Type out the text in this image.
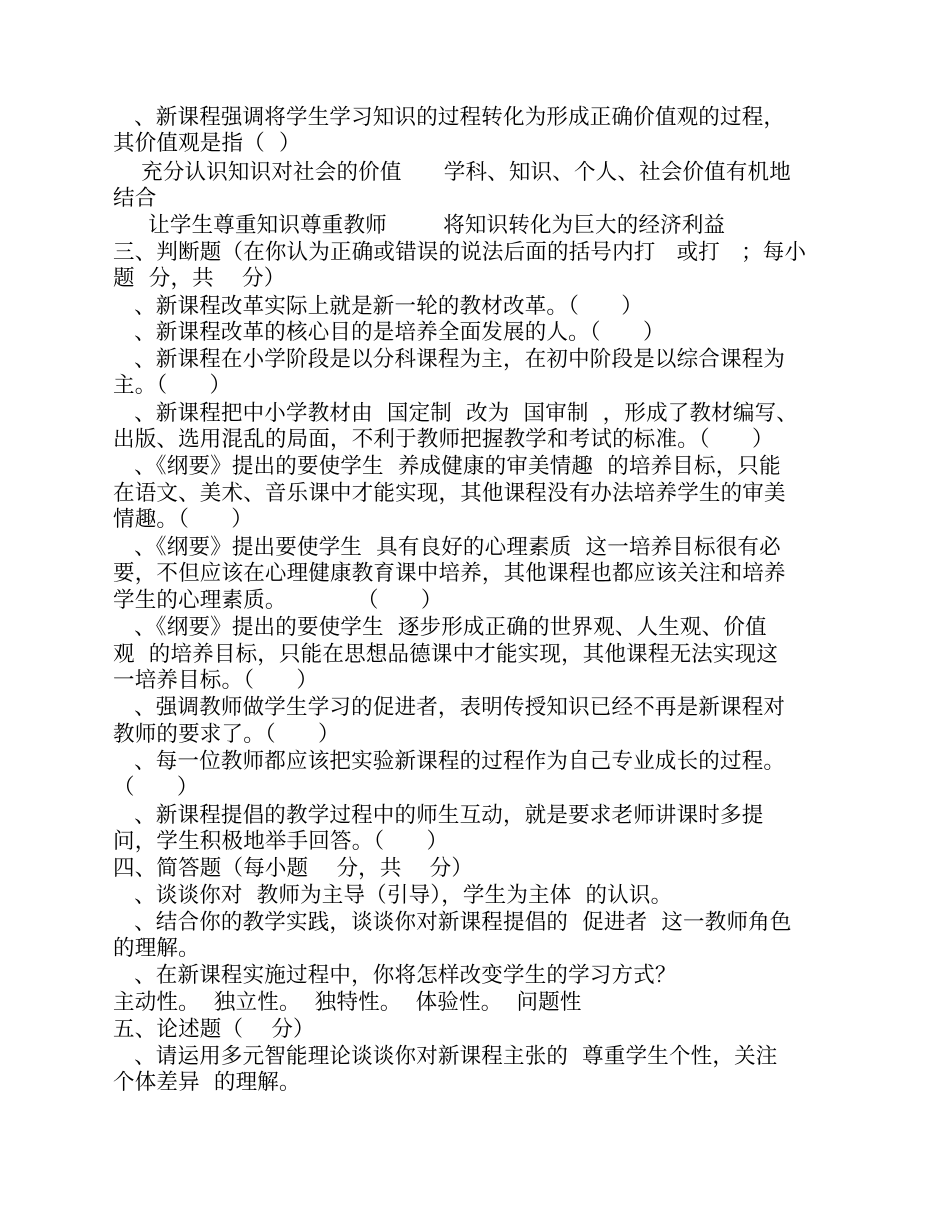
、新课程强调将学生学习知识的过程转化为形成正确价值观的过程，
其价值观是指（  ）
充分认识知识对社会的价值      学科、知识、个人、社会价值有机地
结合
让学生尊重知识尊重教师        将知识转化为巨大的经济利益
三、判断题（在你认为正确或错误的说法后面的括号内打   或打   ；每小
题  分，共    分）
、新课程改革实际上就是新一轮的教材改革。（      ）
、新课程改革的核心目的是培养全面发展的人。（      ）
、新课程在小学阶段是以分科课程为主，在初中阶段是以综合课程为
主。（      ）
、新课程把中小学教材由  国定制  改为  国审制  ，形成了教材编写、
出版、选用混乱的局面，不利于教师把握教学和考试的标准。（      ）
、《纲要》提出的要使学生  养成健康的审美情趣  的培养目标，只能
在语文、美术、音乐课中才能实现，其他课程没有办法培养学生的审美
情趣。（      ）
、《纲要》提出要使学生  具有良好的心理素质  这一培养目标很有必
要，不但应该在心理健康教育课中培养，其他课程也都应该关注和培养
学生的心理素质。          （      ）
、《纲要》提出的要使学生  逐步形成正确的世界观、人生观、价值
观  的培养目标，只能在思想品德课中才能实现，其他课程无法实现这
一培养目标。（      ）
、强调教师做学生学习的促进者，表明传授知识已经不再是新课程对
教师的要求了。（      ）
、每一位教师都应该把实验新课程的过程作为自己专业成长的过程。
（      ）
、新课程提倡的教学过程中的师生互动，就是要求老师讲课时多提
问，学生积极地举手回答。（      ）
四、简答题（每小题    分，共    分）
、谈谈你对  教师为主导（引导），学生为主体  的认识。
、结合你的教学实践，谈谈你对新课程提倡的  促进者  这一教师角色
的理解。
、在新课程实施过程中，你将怎样改变学生的学习方式？
主动性。  独立性。  独特性。  体验性。  问题性
五、论述题（    分）
、请运用多元智能理论谈谈你对新课程主张的  尊重学生个性，关注
个体差异  的理解。
